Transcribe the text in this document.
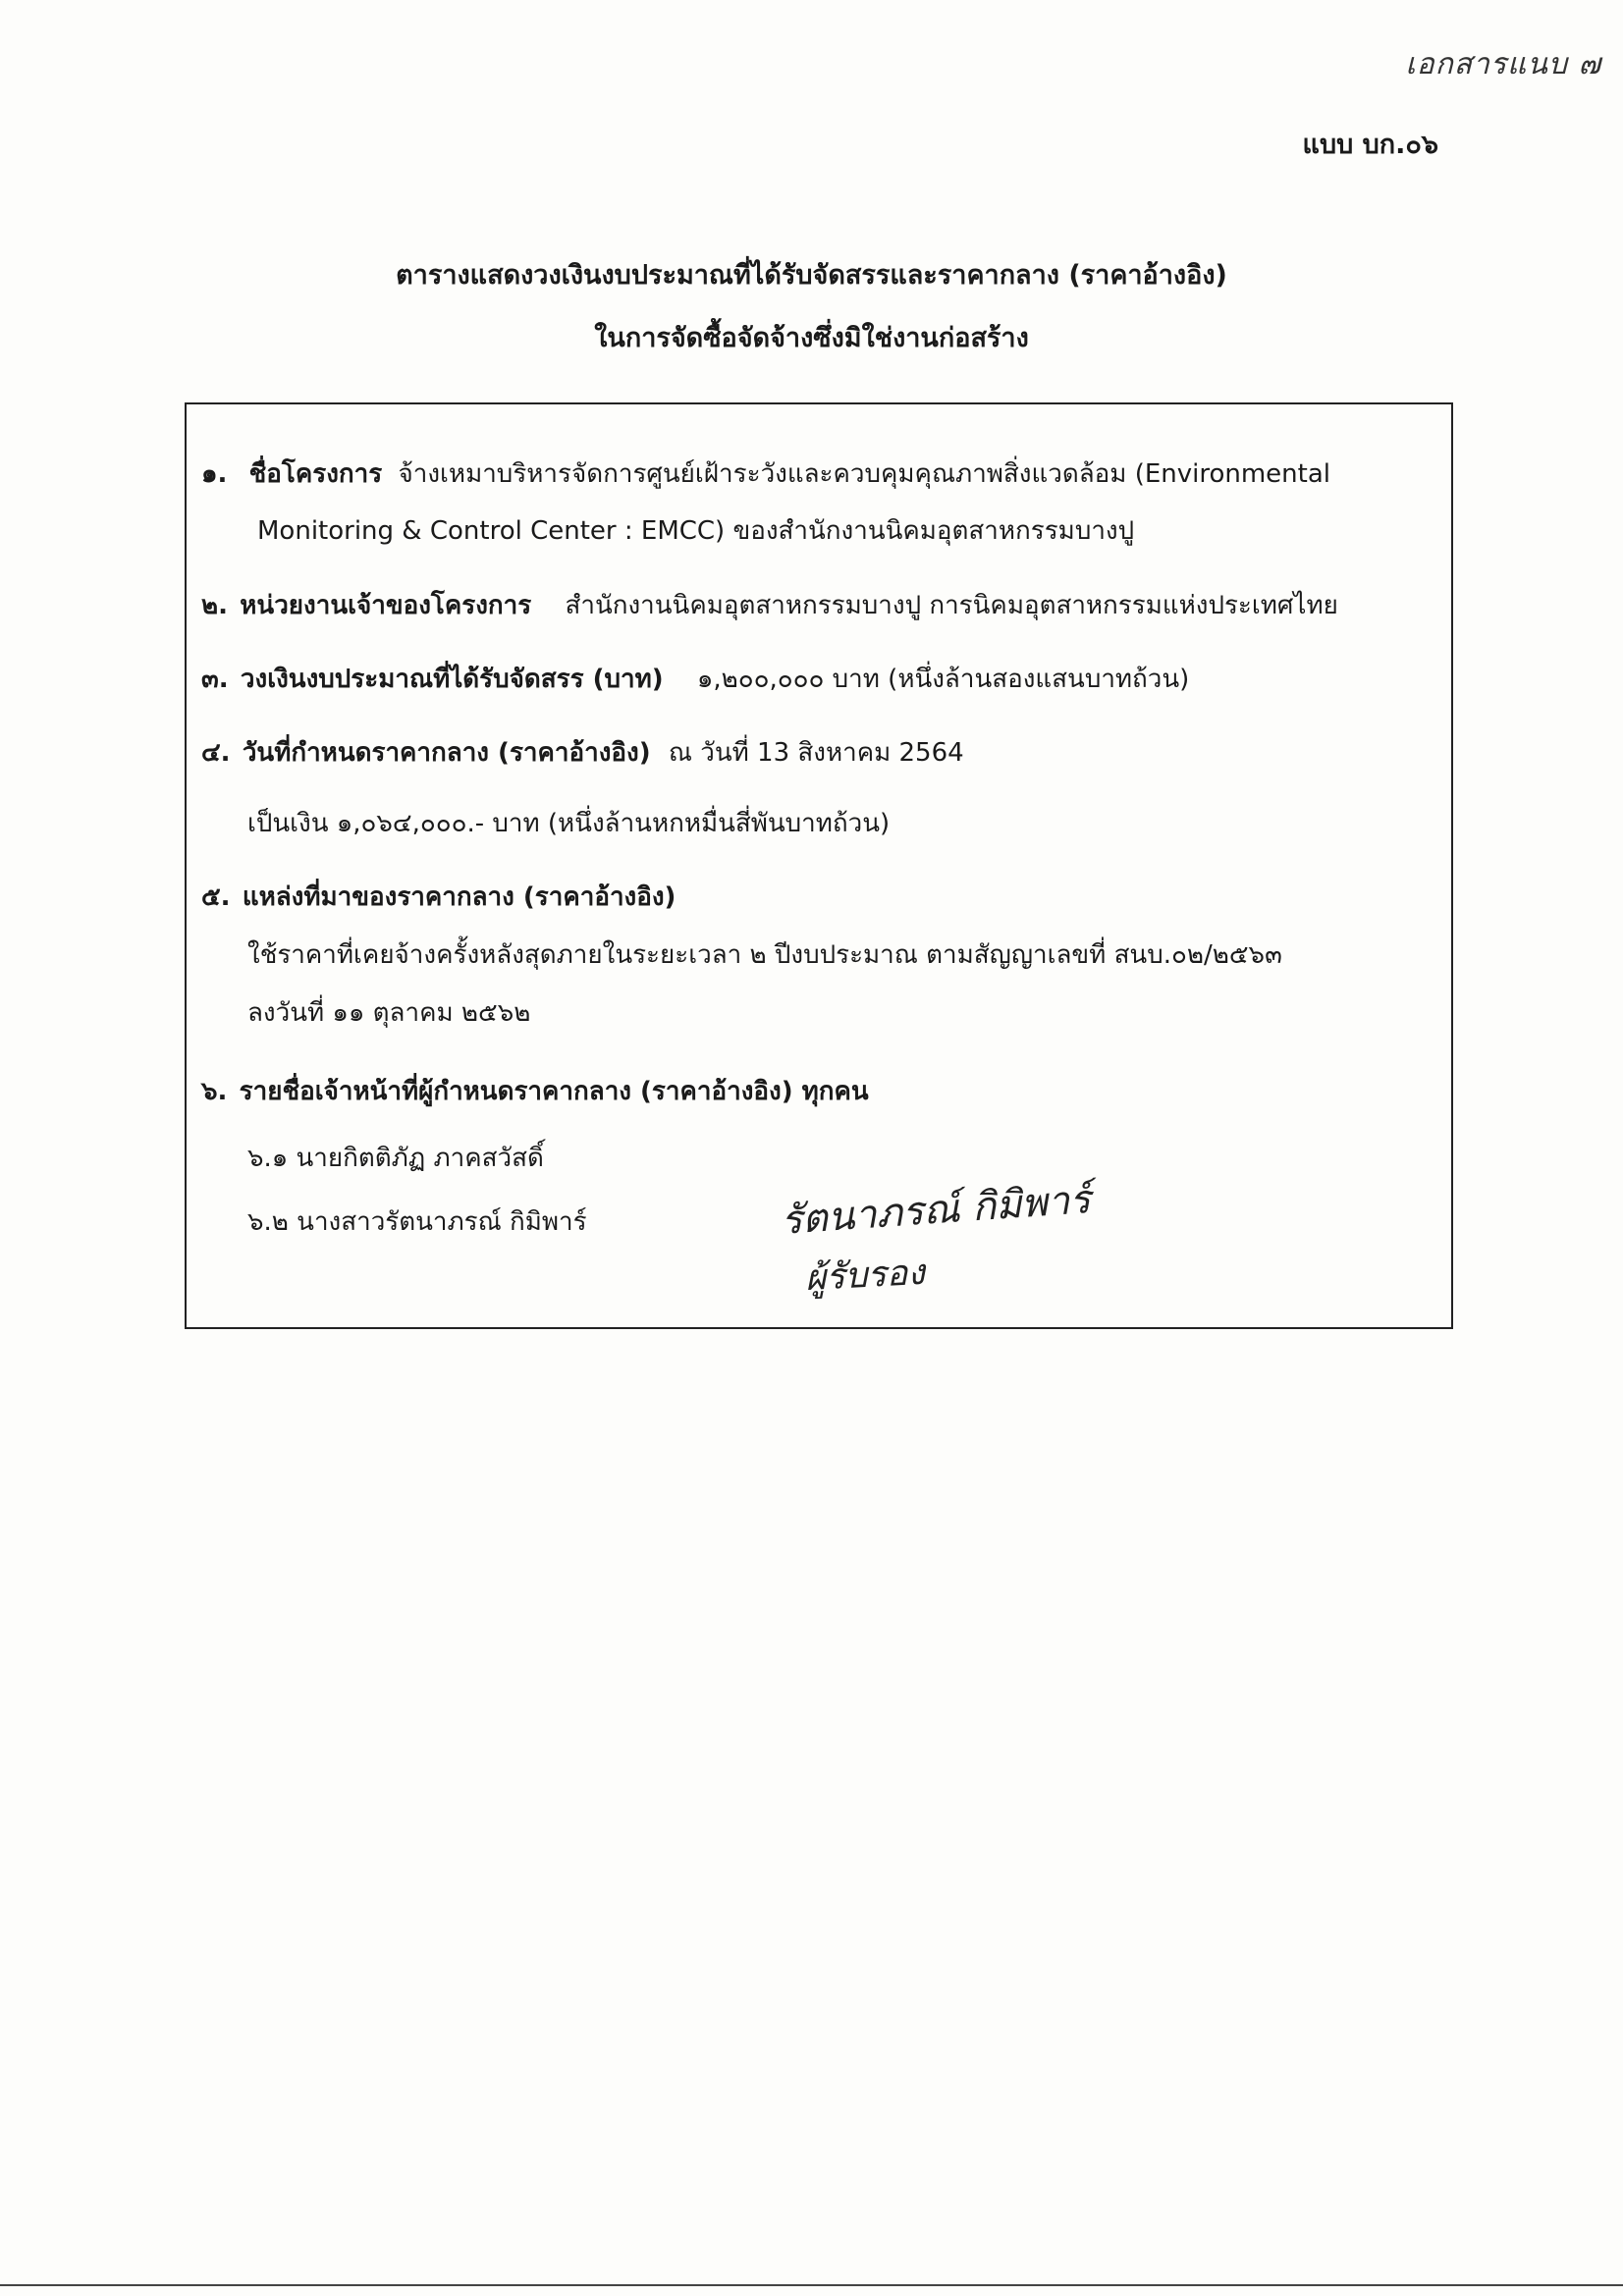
เอกสารแนบ ๗
แบบ บก.๐๖
ตารางแสดงวงเงินงบประมาณที่ได้รับจัดสรรและราคากลาง (ราคาอ้างอิง)
ในการจัดซื้อจัดจ้างซึ่งมิใช่งานก่อสร้าง
๑. ชื่อโครงการ จ้างเหมาบริหารจัดการศูนย์เฝ้าระวังและควบคุมคุณภาพสิ่งแวดล้อม (Environmental
Monitoring & Control Center : EMCC) ของสำนักงานนิคมอุตสาหกรรมบางปู
๒. หน่วยงานเจ้าของโครงการ สำนักงานนิคมอุตสาหกรรมบางปู การนิคมอุตสาหกรรมแห่งประเทศไทย
๓. วงเงินงบประมาณที่ได้รับจัดสรร (บาท) ๑,๒๐๐,๐๐๐ บาท (หนึ่งล้านสองแสนบาทถ้วน)
๔. วันที่กำหนดราคากลาง (ราคาอ้างอิง) ณ วันที่ 13 สิงหาคม 2564
เป็นเงิน ๑,๐๖๔,๐๐๐.- บาท (หนึ่งล้านหกหมื่นสี่พันบาทถ้วน)
๕. แหล่งที่มาของราคากลาง (ราคาอ้างอิง)
ใช้ราคาที่เคยจ้างครั้งหลังสุดภายในระยะเวลา ๒ ปีงบประมาณ ตามสัญญาเลขที่ สนบ.๐๒/๒๕๖๓
ลงวันที่ ๑๑ ตุลาคม ๒๕๖๒
๖. รายชื่อเจ้าหน้าที่ผู้กำหนดราคากลาง (ราคาอ้างอิง) ทุกคน
๖.๑ นายกิตติภัฏ ภาคสวัสดิ์
๖.๒ นางสาวรัตนาภรณ์ กิมิพาร์	รัตนาภรณ์ กิมิพาร์
ผู้รับรอง
